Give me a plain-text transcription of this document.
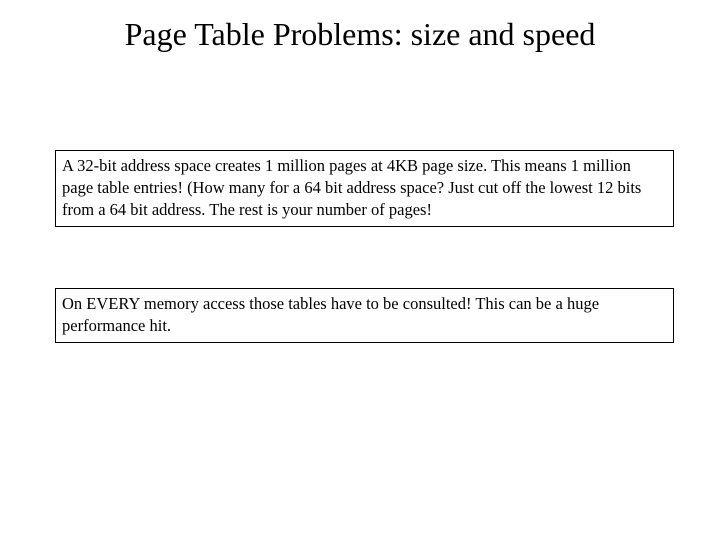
Page Table Problems: size and speed
A 32-bit address space creates 1 million pages at 4KB page size. This means 1 million page table entries! (How many for a 64 bit address space? Just cut off the lowest 12 bits from a 64 bit address. The rest is your number of pages!
On EVERY memory access those tables have to be consulted! This can be a huge performance hit.
